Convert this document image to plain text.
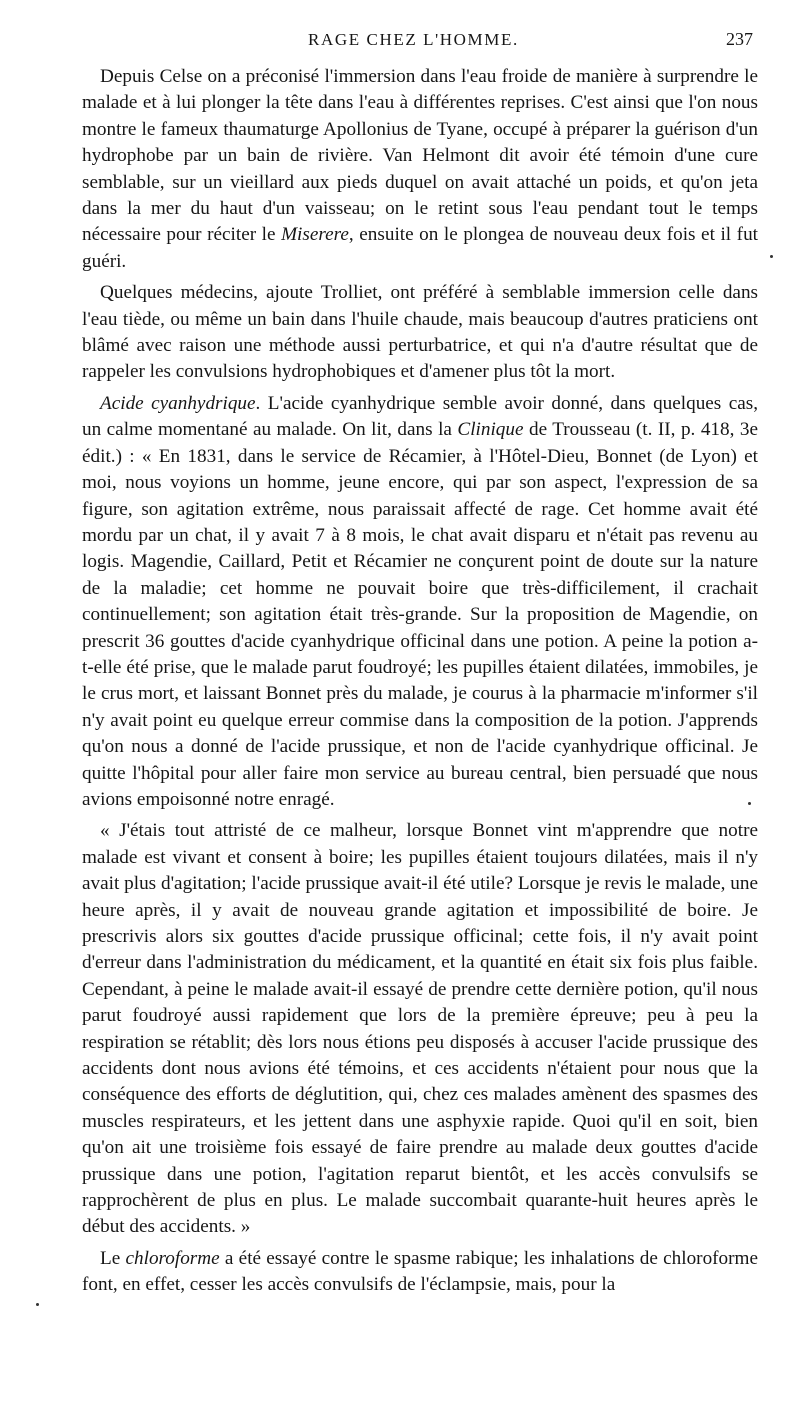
RAGE CHEZ L'HOMME.	237

Depuis Celse on a préconisé l'immersion dans l'eau froide de manière à surprendre le malade et à lui plonger la tête dans l'eau à différentes reprises. C'est ainsi que l'on nous montre le fameux thaumaturge Apollonius de Tyane, occupé à préparer la guérison d'un hydrophobe par un bain de rivière. Van Helmont dit avoir été témoin d'une cure semblable, sur un vieillard aux pieds duquel on avait attaché un poids, et qu'on jeta dans la mer du haut d'un vaisseau; on le retint sous l'eau pendant tout le temps nécessaire pour réciter le Miserere, ensuite on le plongea de nouveau deux fois et il fut guéri.

Quelques médecins, ajoute Trolliet, ont préféré à semblable immersion celle dans l'eau tiède, ou même un bain dans l'huile chaude, mais beaucoup d'autres praticiens ont blâmé avec raison une méthode aussi perturbatrice, et qui n'a d'autre résultat que de rappeler les convulsions hydrophobiques et d'amener plus tôt la mort.

Acide cyanhydrique. L'acide cyanhydrique semble avoir donné, dans quelques cas, un calme momentané au malade. On lit, dans la Clinique de Trousseau (t. II, p. 418, 3e édit.) : « En 1831, dans le service de Récamier, à l'Hôtel-Dieu, Bonnet (de Lyon) et moi, nous voyions un homme, jeune encore, qui par son aspect, l'expression de sa figure, son agitation extrême, nous paraissait affecté de rage. Cet homme avait été mordu par un chat, il y avait 7 à 8 mois, le chat avait disparu et n'était pas revenu au logis. Magendie, Caillard, Petit et Récamier ne conçurent point de doute sur la nature de la maladie; cet homme ne pouvait boire que très-difficilement, il crachait continuellement; son agitation était très-grande. Sur la proposition de Magendie, on prescrit 36 gouttes d'acide cyanhydrique officinal dans une potion. A peine la potion a-t-elle été prise, que le malade parut foudroyé; les pupilles étaient dilatées, immobiles, je le crus mort, et laissant Bonnet près du malade, je courus à la pharmacie m'informer s'il n'y avait point eu quelque erreur commise dans la composition de la potion. J'apprends qu'on nous a donné de l'acide prussique, et non de l'acide cyanhydrique officinal. Je quitte l'hôpital pour aller faire mon service au bureau central, bien persuadé que nous avions empoisonné notre enragé.

« J'étais tout attristé de ce malheur, lorsque Bonnet vint m'apprendre que notre malade est vivant et consent à boire; les pupilles étaient toujours dilatées, mais il n'y avait plus d'agitation; l'acide prussique avait-il été utile? Lorsque je revis le malade, une heure après, il y avait de nouveau grande agitation et impossibilité de boire. Je prescrivis alors six gouttes d'acide prussique officinal; cette fois, il n'y avait point d'erreur dans l'administration du médicament, et la quantité en était six fois plus faible. Cependant, à peine le malade avait-il essayé de prendre cette dernière potion, qu'il nous parut foudroyé aussi rapidement que lors de la première épreuve; peu à peu la respiration se rétablit; dès lors nous étions peu disposés à accuser l'acide prussique des accidents dont nous avions été témoins, et ces accidents n'étaient pour nous que la conséquence des efforts de déglutition, qui, chez ces malades amènent des spasmes des muscles respirateurs, et les jettent dans une asphyxie rapide. Quoi qu'il en soit, bien qu'on ait une troisième fois essayé de faire prendre au malade deux gouttes d'acide prussique dans une potion, l'agitation reparut bientôt, et les accès convulsifs se rapprochèrent de plus en plus. Le malade succombait quarante-huit heures après le début des accidents. »

Le chloroforme a été essayé contre le spasme rabique; les inhalations de chloroforme font, en effet, cesser les accès convulsifs de l'éclampsie, mais, pour la
